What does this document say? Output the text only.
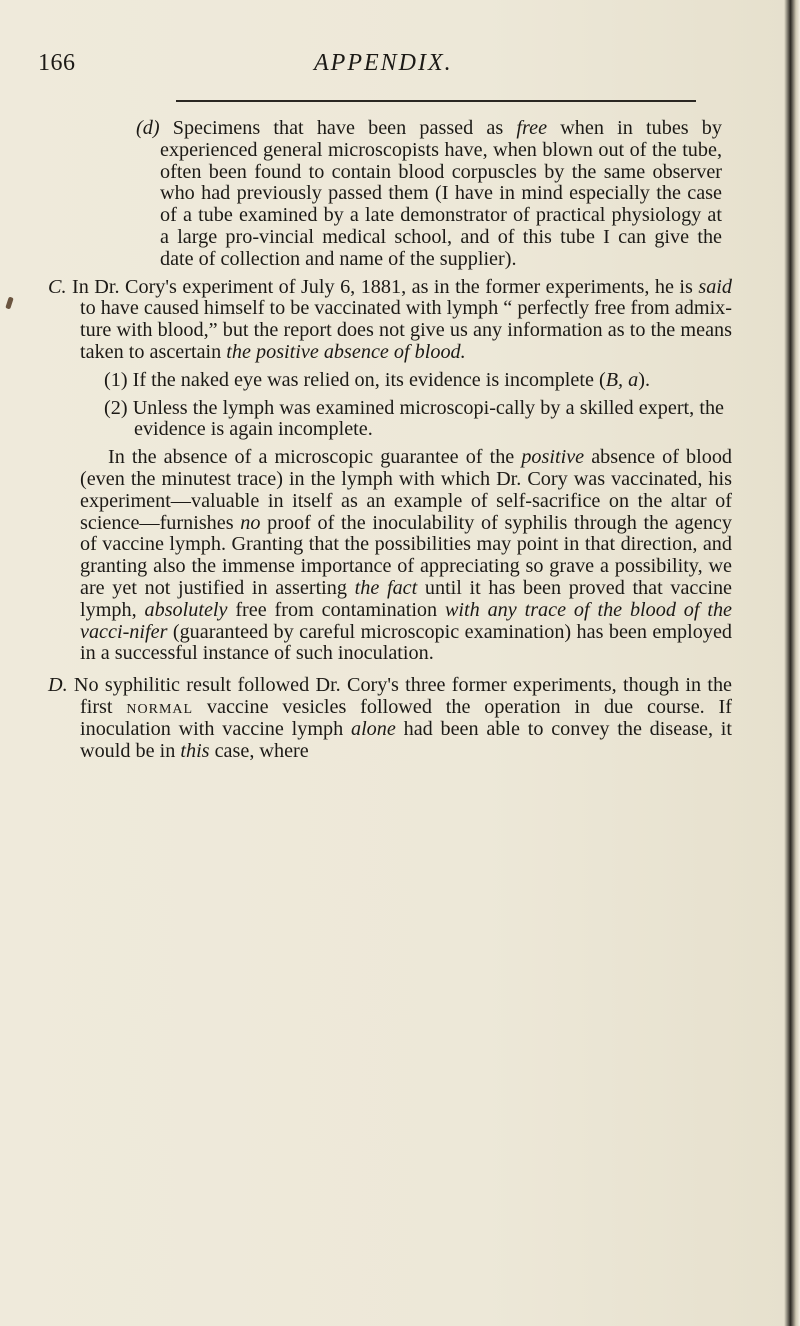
166	APPENDIX.

(d) Specimens that have been passed as free when in tubes by experienced general microscopists have, when blown out of the tube, often been found to contain blood corpuscles by the same observer who had previously passed them (I have in mind especially the case of a tube examined by a late demonstrator of practical physiology at a large pro-vincial medical school, and of this tube I can give the date of collection and name of the supplier).

C. In Dr. Cory's experiment of July 6, 1881, as in the former experiments, he is said to have caused himself to be vaccinated with lymph “ perfectly free from admix-ture with blood,” but the report does not give us any information as to the means taken to ascertain the positive absence of blood.

(1) If the naked eye was relied on, its evidence is incomplete (B, a).

(2) Unless the lymph was examined microscopi-cally by a skilled expert, the evidence is again incomplete.

In the absence of a microscopic guarantee of the positive absence of blood (even the minutest trace) in the lymph with which Dr. Cory was vaccinated, his experiment—valuable in itself as an example of self-sacrifice on the altar of science—furnishes no proof of the inoculability of syphilis through the agency of vaccine lymph. Granting that the possibilities may point in that direction, and granting also the immense importance of appreciating so grave a possibility, we are yet not justified in asserting the fact until it has been proved that vaccine lymph, absolutely free from contamination with any trace of the blood of the vacci-nifer (guaranteed by careful microscopic examination) has been employed in a successful instance of such inoculation.

D. No syphilitic result followed Dr. Cory's three former experiments, though in the first normal vaccine vesicles followed the operation in due course. If inoculation with vaccine lymph alone had been able to convey the disease, it would be in this case, where
